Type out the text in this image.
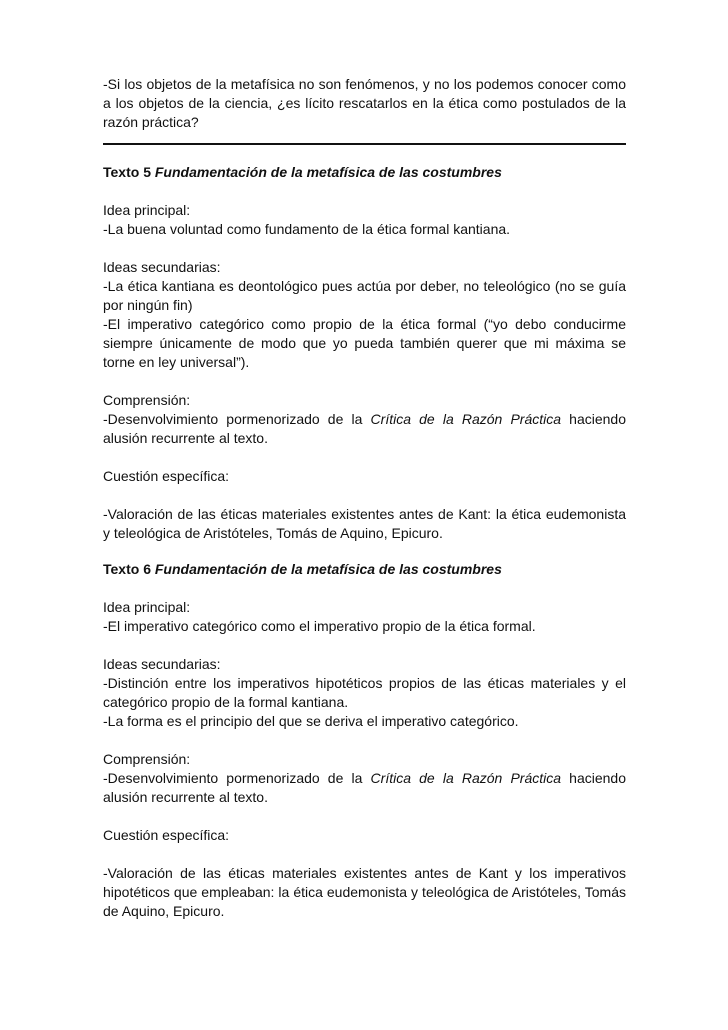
-Si los objetos de la metafísica no son fenómenos, y no los podemos conocer como a los objetos de la ciencia, ¿es lícito rescatarlos en la ética como postulados de la razón práctica?

Texto 5 Fundamentación de la metafísica de las costumbres

Idea principal:

-La buena voluntad como fundamento de la ética formal kantiana.

Ideas secundarias:

-La ética kantiana es deontológico pues actúa por deber, no teleológico (no se guía por ningún fin)

-El imperativo categórico como propio de la ética formal (“yo debo conducirme siempre únicamente de modo que yo pueda también querer que mi máxima se torne en ley universal”).

Comprensión:

-Desenvolvimiento pormenorizado de la Crítica de la Razón Práctica haciendo alusión recurrente al texto.

Cuestión específica:

-Valoración de las éticas materiales existentes antes de Kant: la ética eudemonista y teleológica de Aristóteles, Tomás de Aquino, Epicuro.

Texto 6 Fundamentación de la metafísica de las costumbres

Idea principal:

-El imperativo categórico como el imperativo propio de la ética formal.

Ideas secundarias:

-Distinción entre los imperativos hipotéticos propios de las éticas materiales y el categórico propio de la formal kantiana.

-La forma es el principio del que se deriva el imperativo categórico.

Comprensión:

-Desenvolvimiento pormenorizado de la Crítica de la Razón Práctica haciendo alusión recurrente al texto.

Cuestión específica:

-Valoración de las éticas materiales existentes antes de Kant y los imperativos hipotéticos que empleaban: la ética eudemonista y teleológica de Aristóteles, Tomás de Aquino, Epicuro.
